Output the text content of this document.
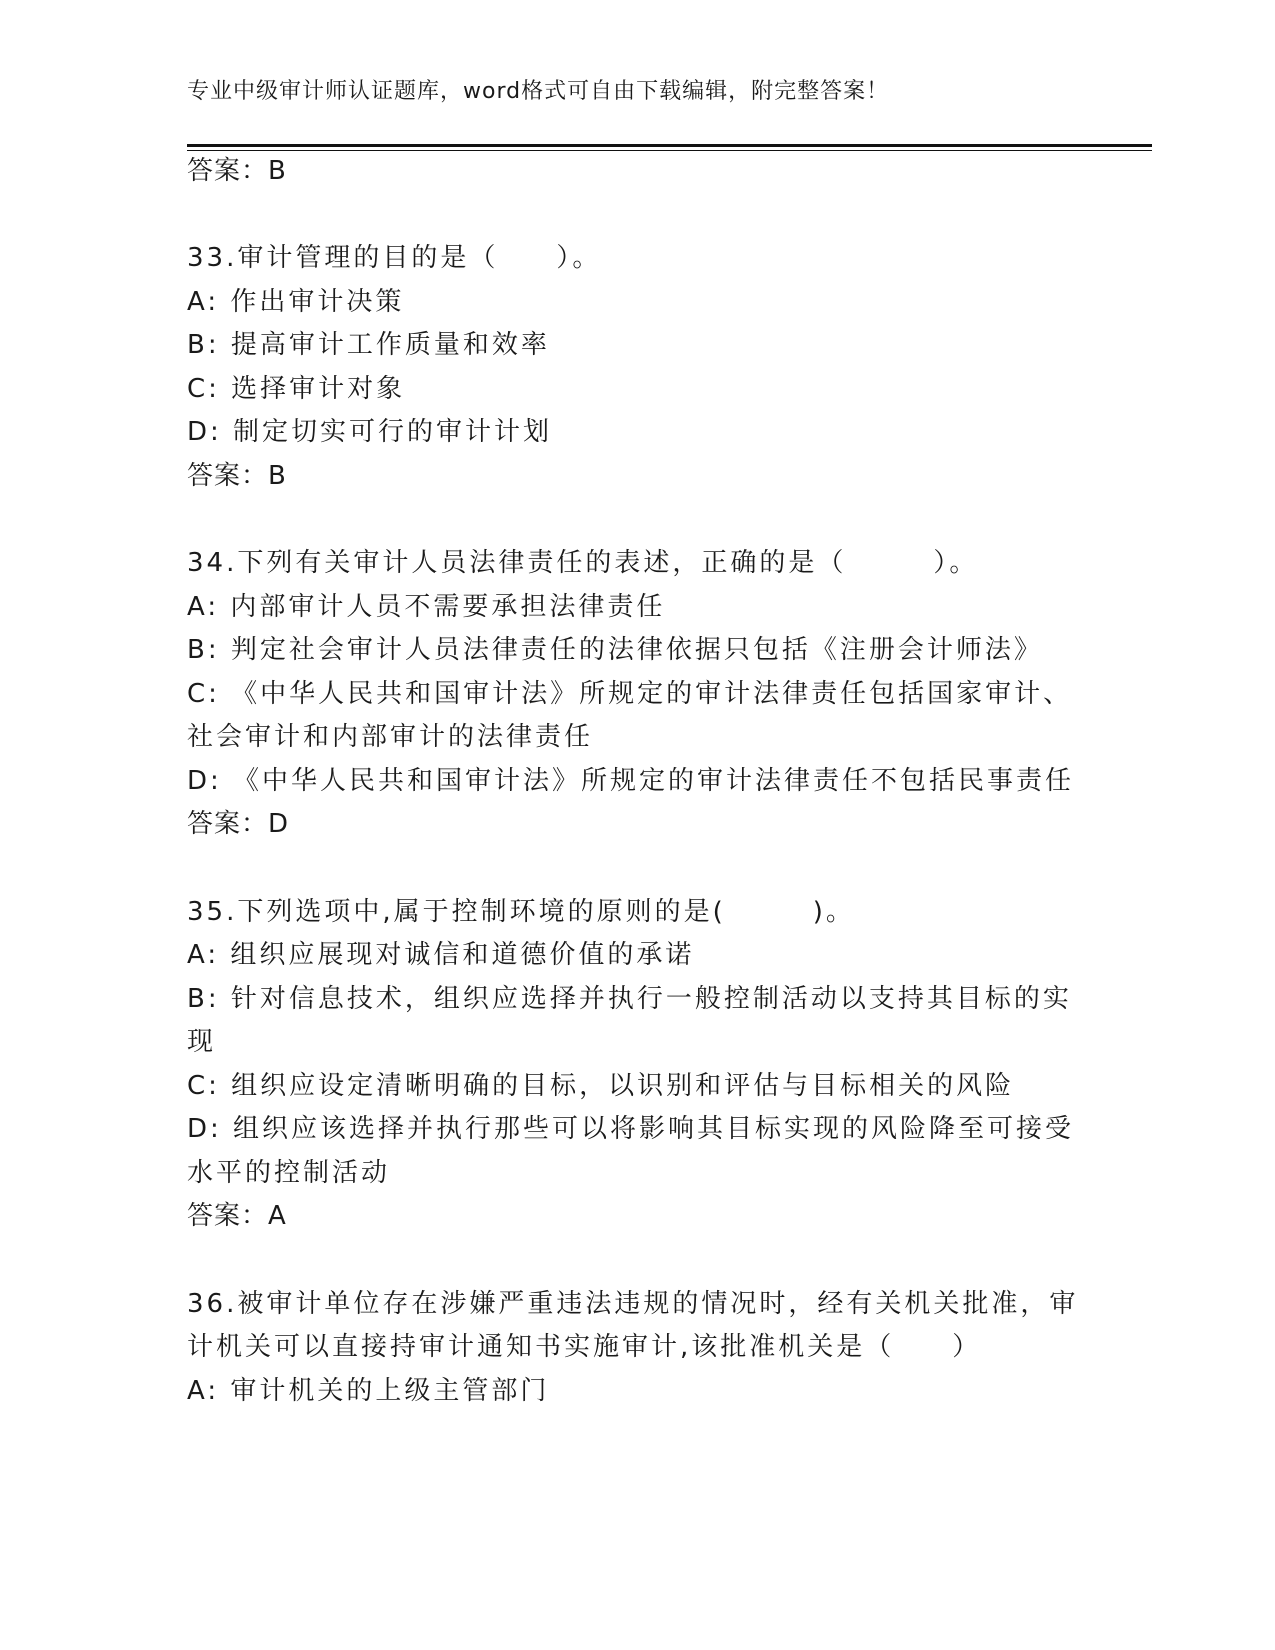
专业中级审计师认证题库，word格式可自由下载编辑，附完整答案！
答案：B
33.审计管理的目的是（　　）。
A: 作出审计决策
B: 提高审计工作质量和效率
C: 选择审计对象
D: 制定切实可行的审计计划
答案：B
34.下列有关审计人员法律责任的表述，正确的是（　　　）。
A: 内部审计人员不需要承担法律责任
B: 判定社会审计人员法律责任的法律依据只包括《注册会计师法》
C: 《中华人民共和国审计法》所规定的审计法律责任包括国家审计、
社会审计和内部审计的法律责任
D: 《中华人民共和国审计法》所规定的审计法律责任不包括民事责任
答案：D
35.下列选项中,属于控制环境的原则的是(　　　)。
A: 组织应展现对诚信和道德价值的承诺
B: 针对信息技术，组织应选择并执行一般控制活动以支持其目标的实
现
C: 组织应设定清晰明确的目标，以识别和评估与目标相关的风险
D: 组织应该选择并执行那些可以将影响其目标实现的风险降至可接受
水平的控制活动
答案：A
36.被审计单位存在涉嫌严重违法违规的情况时，经有关机关批准，审
计机关可以直接持审计通知书实施审计,该批准机关是（　　）
A: 审计机关的上级主管部门
